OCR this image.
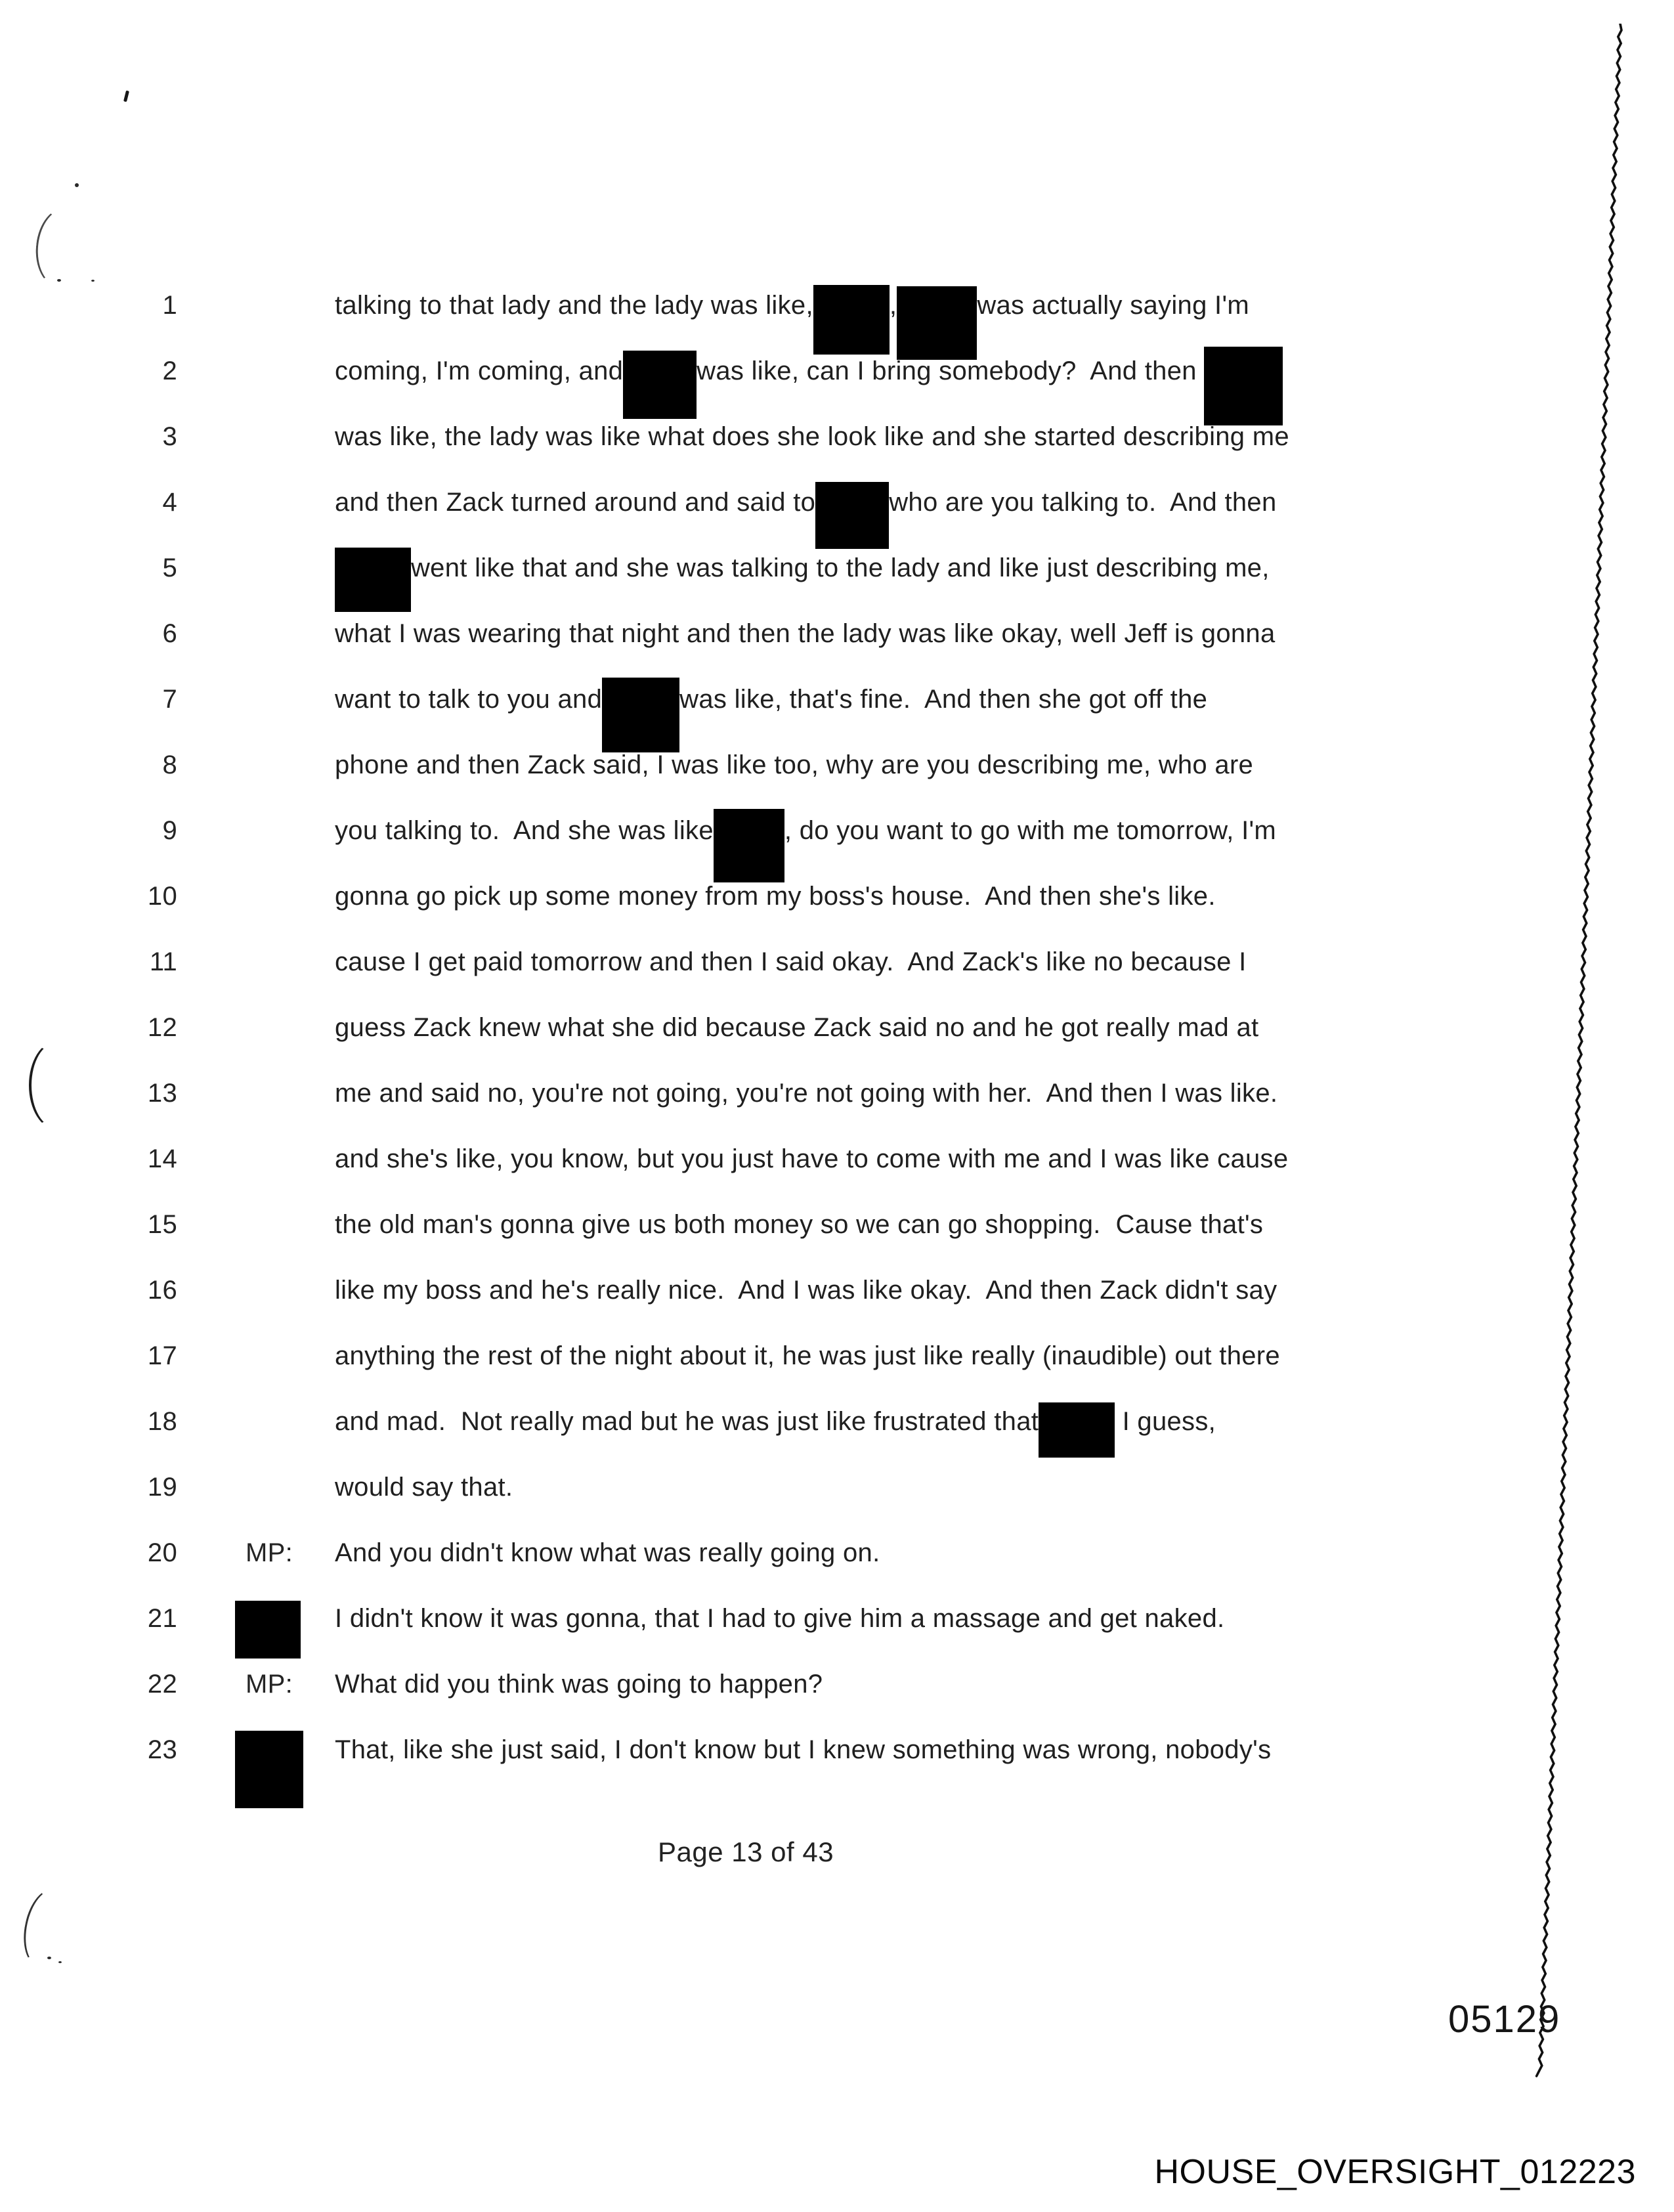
1	talking to that lady and the lady was like,	,	was actually saying I'm
2	coming, I'm coming, and	was like, can I bring somebody?  And then
3	was like, the lady was like what does she look like and she started describing me
4	and then Zack turned around and said to	who are you talking to.  And then
5	went like that and she was talking to the lady and like just describing me,
6	what I was wearing that night and then the lady was like okay, well Jeff is gonna
7	want to talk to you and	was like, that's fine.  And then she got off the
8	phone and then Zack said, I was like too, why are you describing me, who are
9	you talking to.  And she was like	, do you want to go with me tomorrow, I'm
10	gonna go pick up some money from my boss's house.  And then she's like.
11	cause I get paid tomorrow and then I said okay.  And Zack's like no because I
12	guess Zack knew what she did because Zack said no and he got really mad at
13	me and said no, you're not going, you're not going with her.  And then I was like.
14	and she's like, you know, but you just have to come with me and I was like cause
15	the old man's gonna give us both money so we can go shopping.  Cause that's
16	like my boss and he's really nice.  And I was like okay.  And then Zack didn't say
17	anything the rest of the night about it, he was just like really (inaudible) out there
18	and mad.  Not really mad but he was just like frustrated that	I guess,
19	would say that.
20	MP: And you didn't know what was really going on.
21	I didn't know it was gonna, that I had to give him a massage and get naked.
22	MP: What did you think was going to happen?
23	That, like she just said, I don't know but I knew something was wrong, nobody's
Page 13 of 43
05129
HOUSE_OVERSIGHT_012223
